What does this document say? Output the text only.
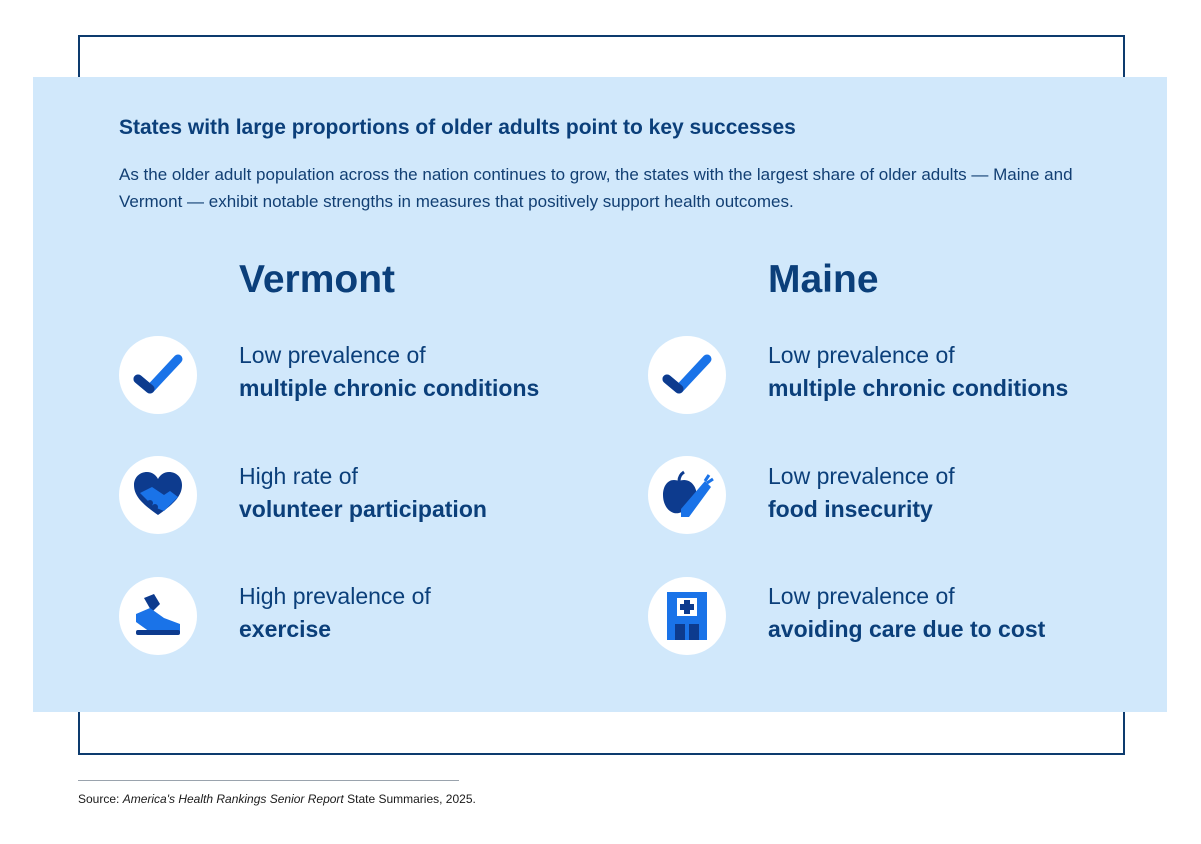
States with large proportions of older adults point to key successes
As the older adult population across the nation continues to grow, the states with the largest share of older adults — Maine and Vermont — exhibit notable strengths in measures that positively support health outcomes.
Vermont
Low prevalence of
multiple chronic conditions
High rate of
volunteer participation
High prevalence of
exercise
Maine
Low prevalence of
multiple chronic conditions
Low prevalence of
food insecurity
Low prevalence of
avoiding care due to cost
Source: America's Health Rankings Senior Report State Summaries, 2025.
